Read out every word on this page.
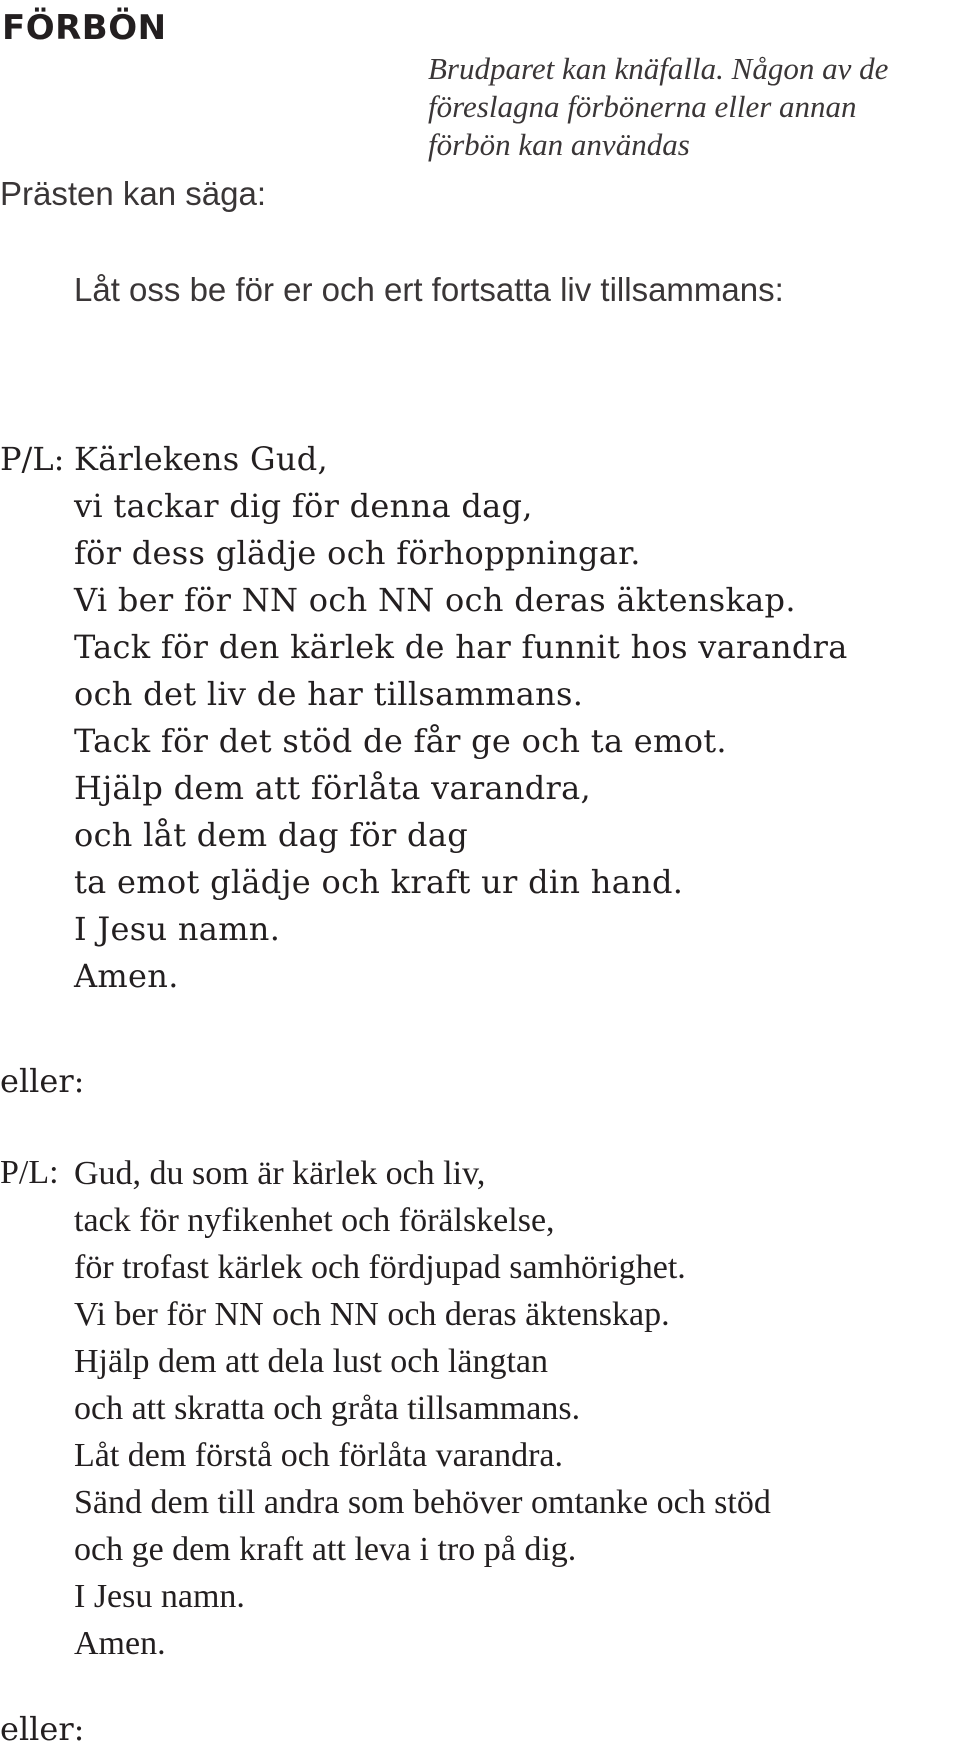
FÖRBÖN
Brudparet kan knäfalla. Någon av de
föreslagna förbönerna eller annan
förbön kan användas
Prästen kan säga:
Låt oss be för er och ert fortsatta liv tillsammans:
P/L: Kärlekens Gud,
vi tackar dig för denna dag,
för dess glädje och förhoppningar.
Vi ber för NN och NN och deras äktenskap.
Tack för den kärlek de har funnit hos varandra
och det liv de har tillsammans.
Tack för det stöd de får ge och ta emot.
Hjälp dem att förlåta varandra,
och låt dem dag för dag
ta emot glädje och kraft ur din hand.
I Jesu namn.
Amen.
eller:
P/L: Gud, du som är kärlek och liv,
tack för nyfikenhet och förälskelse,
för trofast kärlek och fördjupad samhörighet.
Vi ber för NN och NN och deras äktenskap.
Hjälp dem att dela lust och längtan
och att skratta och gråta tillsammans.
Låt dem förstå och förlåta varandra.
Sänd dem till andra som behöver omtanke och stöd
och ge dem kraft att leva i tro på dig.
I Jesu namn.
Amen.
eller:
